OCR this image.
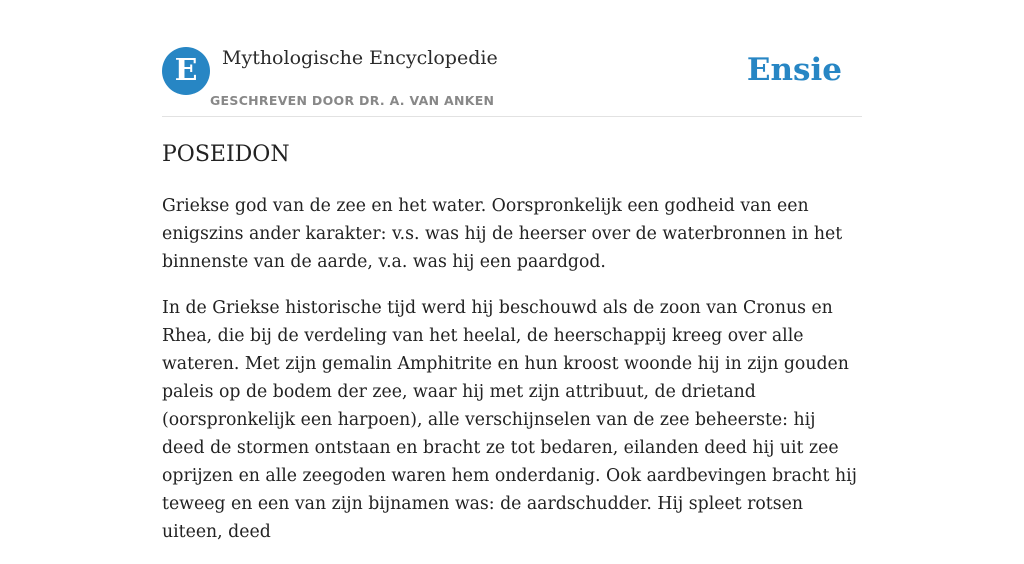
E	Mythologische Encyclopedie
GESCHREVEN DOOR DR. A. VAN ANKEN
Ensie
POSEIDON

Griekse god van de zee en het water. Oorspronkelijk een godheid van een enigszins ander karakter: v.s. was hij de heerser over de waterbronnen in het binnenste van de aarde, v.a. was hij een paardgod.

In de Griekse historische tijd werd hij beschouwd als de zoon van Cronus en Rhea, die bij de verdeling van het heelal, de heerschappij kreeg over alle wateren. Met zijn gemalin Amphitrite en hun kroost woonde hij in zijn gouden paleis op de bodem der zee, waar hij met zijn attribuut, de drietand (oorspronkelijk een harpoen), alle verschijnselen van de zee beheerste: hij deed de stormen ontstaan en bracht ze tot bedaren, eilanden deed hij uit zee oprijzen en alle zeegoden waren hem onderdanig. Ook aardbevingen bracht hij teweeg en een van zijn bijnamen was: de aardschudder. Hij spleet rotsen uiteen, deed
